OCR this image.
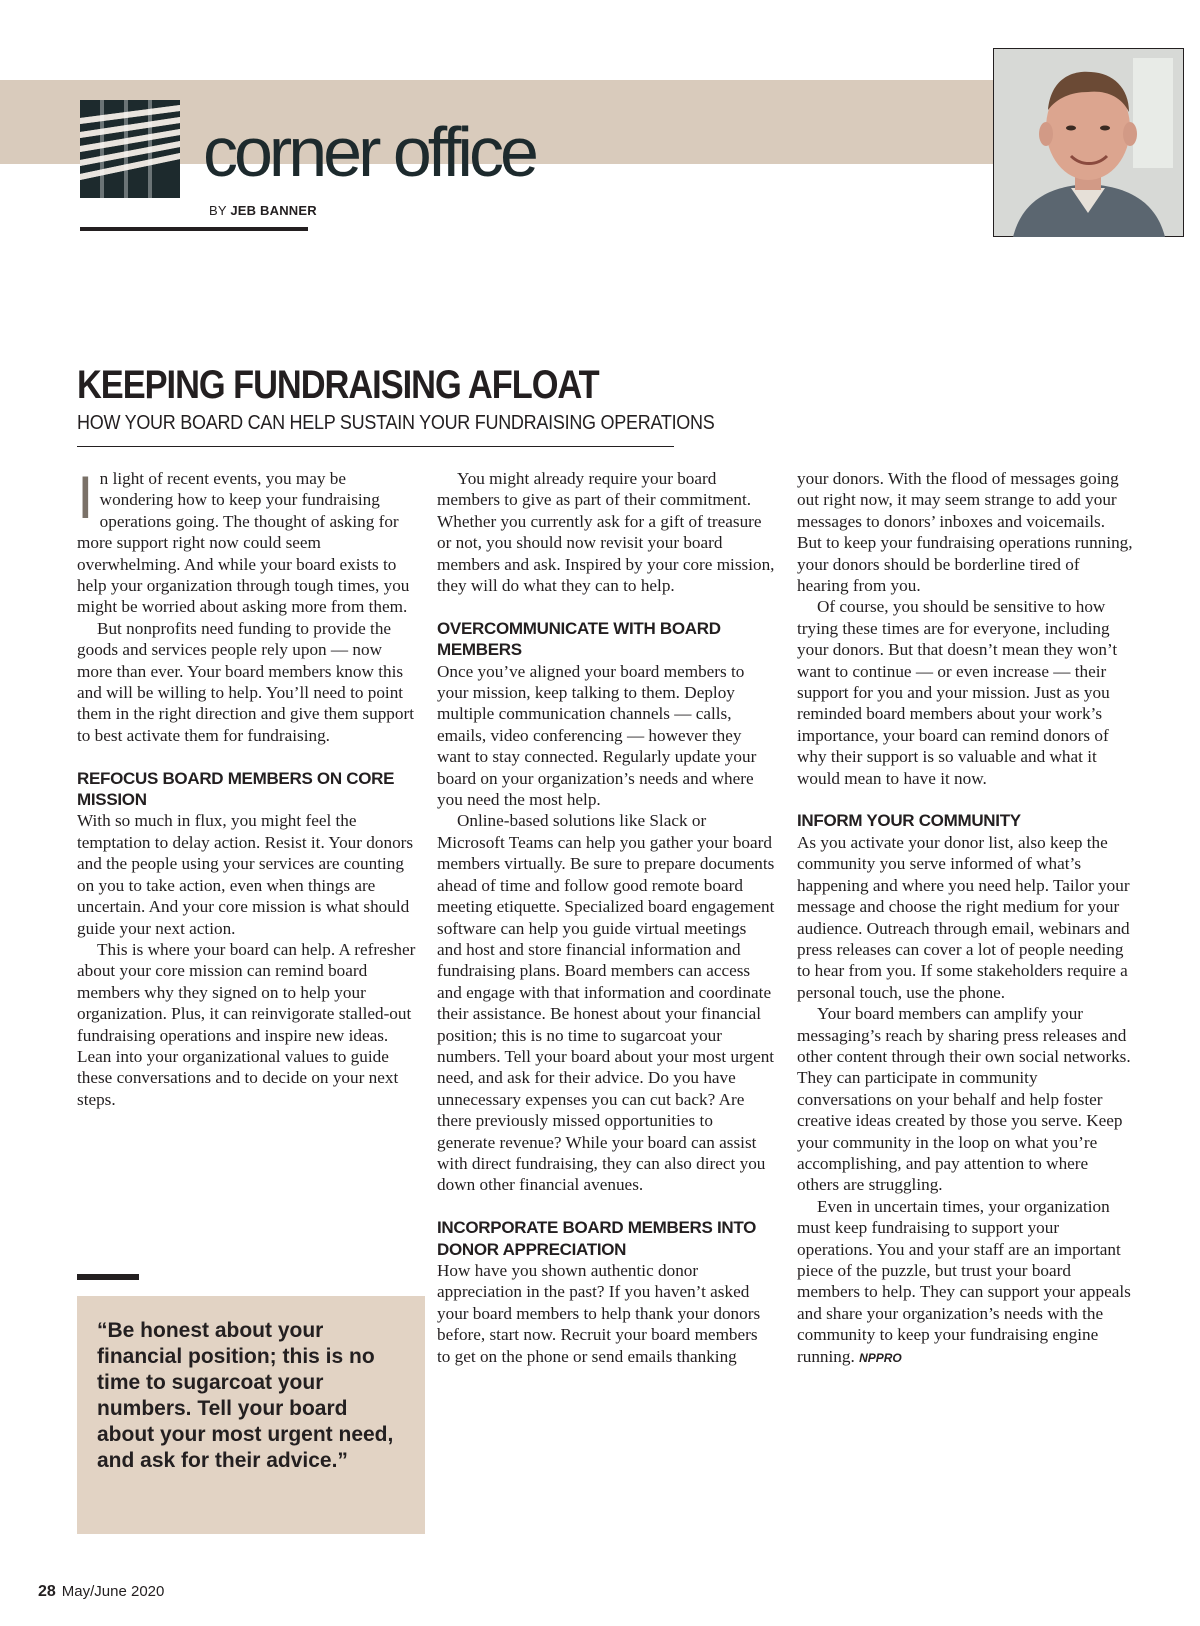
corner office
BY JEB BANNER
KEEPING FUNDRAISING AFLOAT
HOW YOUR BOARD CAN HELP SUSTAIN YOUR FUNDRAISING OPERATIONS

In light of recent events, you may be wondering how to keep your fundraising operations going. The thought of asking for more support right now could seem overwhelming. And while your board exists to help your organization through tough times, you might be worried about asking more from them.

But nonprofits need funding to provide the goods and services people rely upon — now more than ever. Your board members know this and will be willing to help. You’ll need to point them in the right direction and give them support to best activate them for fundraising.

REFOCUS BOARD MEMBERS ON CORE MISSION

With so much in flux, you might feel the temptation to delay action. Resist it. Your donors and the people using your services are counting on you to take action, even when things are uncertain. And your core mission is what should guide your next action.

This is where your board can help. A refresher about your core mission can remind board members why they signed on to help your organization. Plus, it can reinvigorate stalled-out fundraising operations and inspire new ideas. Lean into your organizational values to guide these conversations and to decide on your next steps.

“Be honest about your financial position; this is no time to sugarcoat your numbers. Tell your board about your most urgent need, and ask for their advice.”

You might already require your board members to give as part of their commitment. Whether you currently ask for a gift of treasure or not, you should now revisit your board members and ask. Inspired by your core mission, they will do what they can to help.

OVERCOMMUNICATE WITH BOARD MEMBERS

Once you’ve aligned your board members to your mission, keep talking to them. Deploy multiple communication channels — calls, emails, video conferencing — however they want to stay connected. Regularly update your board on your organization’s needs and where you need the most help.

Online-based solutions like Slack or Microsoft Teams can help you gather your board members virtually. Be sure to prepare documents ahead of time and follow good remote board meeting etiquette. Specialized board engagement software can help you guide virtual meetings and host and store financial information and fundraising plans. Board members can access and engage with that information and coordinate their assistance. Be honest about your financial position; this is no time to sugarcoat your numbers. Tell your board about your most urgent need, and ask for their advice. Do you have unnecessary expenses you can cut back? Are there previously missed opportunities to generate revenue? While your board can assist with direct fundraising, they can also direct you down other financial avenues.

INCORPORATE BOARD MEMBERS INTO DONOR APPRECIATION

How have you shown authentic donor appreciation in the past? If you haven’t asked your board members to help thank your donors before, start now. Recruit your board members to get on the phone or send emails thanking

your donors. With the flood of messages going out right now, it may seem strange to add your messages to donors’ inboxes and voicemails. But to keep your fundraising operations running, your donors should be borderline tired of hearing from you.

Of course, you should be sensitive to how trying these times are for everyone, including your donors. But that doesn’t mean they won’t want to continue — or even increase — their support for you and your mission. Just as you reminded board members about your work’s importance, your board can remind donors of why their support is so valuable and what it would mean to have it now.

INFORM YOUR COMMUNITY

As you activate your donor list, also keep the community you serve informed of what’s happening and where you need help. Tailor your message and choose the right medium for your audience. Outreach through email, webinars and press releases can cover a lot of people needing to hear from you. If some stakeholders require a personal touch, use the phone.

Your board members can amplify your messaging’s reach by sharing press releases and other content through their own social networks. They can participate in community conversations on your behalf and help foster creative ideas created by those you serve. Keep your community in the loop on what you’re accomplishing, and pay attention to where others are struggling.

Even in uncertain times, your organization must keep fundraising to support your operations. You and your staff are an important piece of the puzzle, but trust your board members to help. They can support your appeals and share your organization’s needs with the community to keep your fundraising engine running. NPPRO

28 May/June 2020
